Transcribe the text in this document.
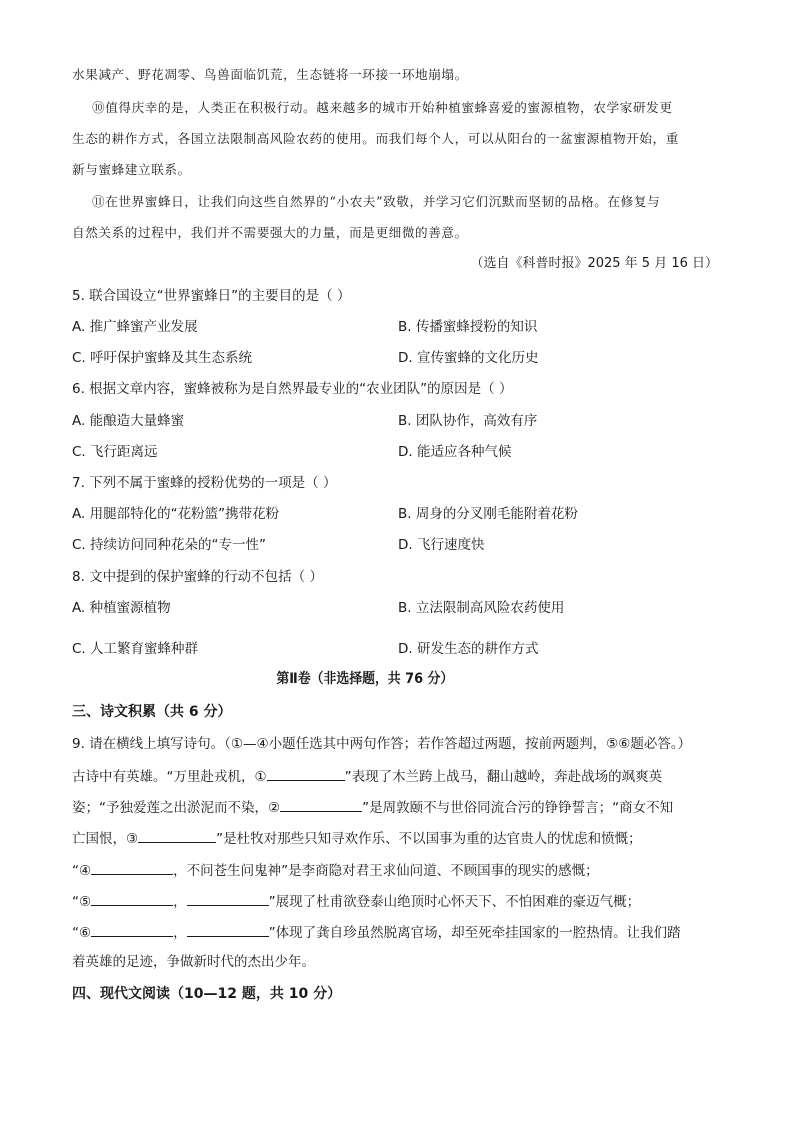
水果减产、野花凋零、鸟兽面临饥荒，生态链将一环接一环地崩塌。
⑩值得庆幸的是，人类正在积极行动。越来越多的城市开始种植蜜蜂喜爱的蜜源植物，农学家研发更
生态的耕作方式，各国立法限制高风险农药的使用。而我们每个人，可以从阳台的一盆蜜源植物开始，重
新与蜜蜂建立联系。
⑪在世界蜜蜂日，让我们向这些自然界的“小农夫”致敬，并学习它们沉默而坚韧的品格。在修复与
自然关系的过程中，我们并不需要强大的力量，而是更细微的善意。
（选自《科普时报》2025 年 5 月 16 日）
5. 联合国设立“世界蜜蜂日”的主要目的是（ ）
A. 推广蜂蜜产业发展	B. 传播蜜蜂授粉的知识
C. 呼吁保护蜜蜂及其生态系统	D. 宣传蜜蜂的文化历史
6. 根据文章内容，蜜蜂被称为是自然界最专业的“农业团队”的原因是（ ）
A. 能酿造大量蜂蜜	B. 团队协作，高效有序
C. 飞行距离远	D. 能适应各种气候
7. 下列不属于蜜蜂的授粉优势的一项是（ ）
A. 用腿部特化的“花粉篮”携带花粉	B. 周身的分叉刚毛能附着花粉
C. 持续访问同种花朵的“专一性”	D. 飞行速度快
8. 文中提到的保护蜜蜂的行动不包括（ ）
A. 种植蜜源植物	B. 立法限制高风险农药使用
C. 人工繁育蜜蜂种群	D. 研发生态的耕作方式
第Ⅱ卷（非选择题，共 76 分）
三、诗文积累（共 6 分）
9. 请在横线上填写诗句。（①—④小题任选其中两句作答；若作答超过两题，按前两题判，⑤⑥题必答。）
古诗中有英雄。“万里赴戎机，①	”表现了木兰跨上战马，翻山越岭，奔赴战场的飒爽英
姿；“予独爱莲之出淤泥而不染，②	”是周敦颐不与世俗同流合污的铮铮誓言；“商女不知
亡国恨，③	”是杜牧对那些只知寻欢作乐、不以国事为重的达官贵人的忧虑和愤慨；
“④	，不问苍生问鬼神”是李商隐对君王求仙问道、不顾国事的现实的感慨；
“⑤	，	”展现了杜甫欲登泰山绝顶时心怀天下、不怕困难的豪迈气概；
“⑥	，	”体现了龚自珍虽然脱离官场，却至死牵挂国家的一腔热情。让我们踏
着英雄的足迹，争做新时代的杰出少年。
四、现代文阅读（10—12 题，共 10 分）
